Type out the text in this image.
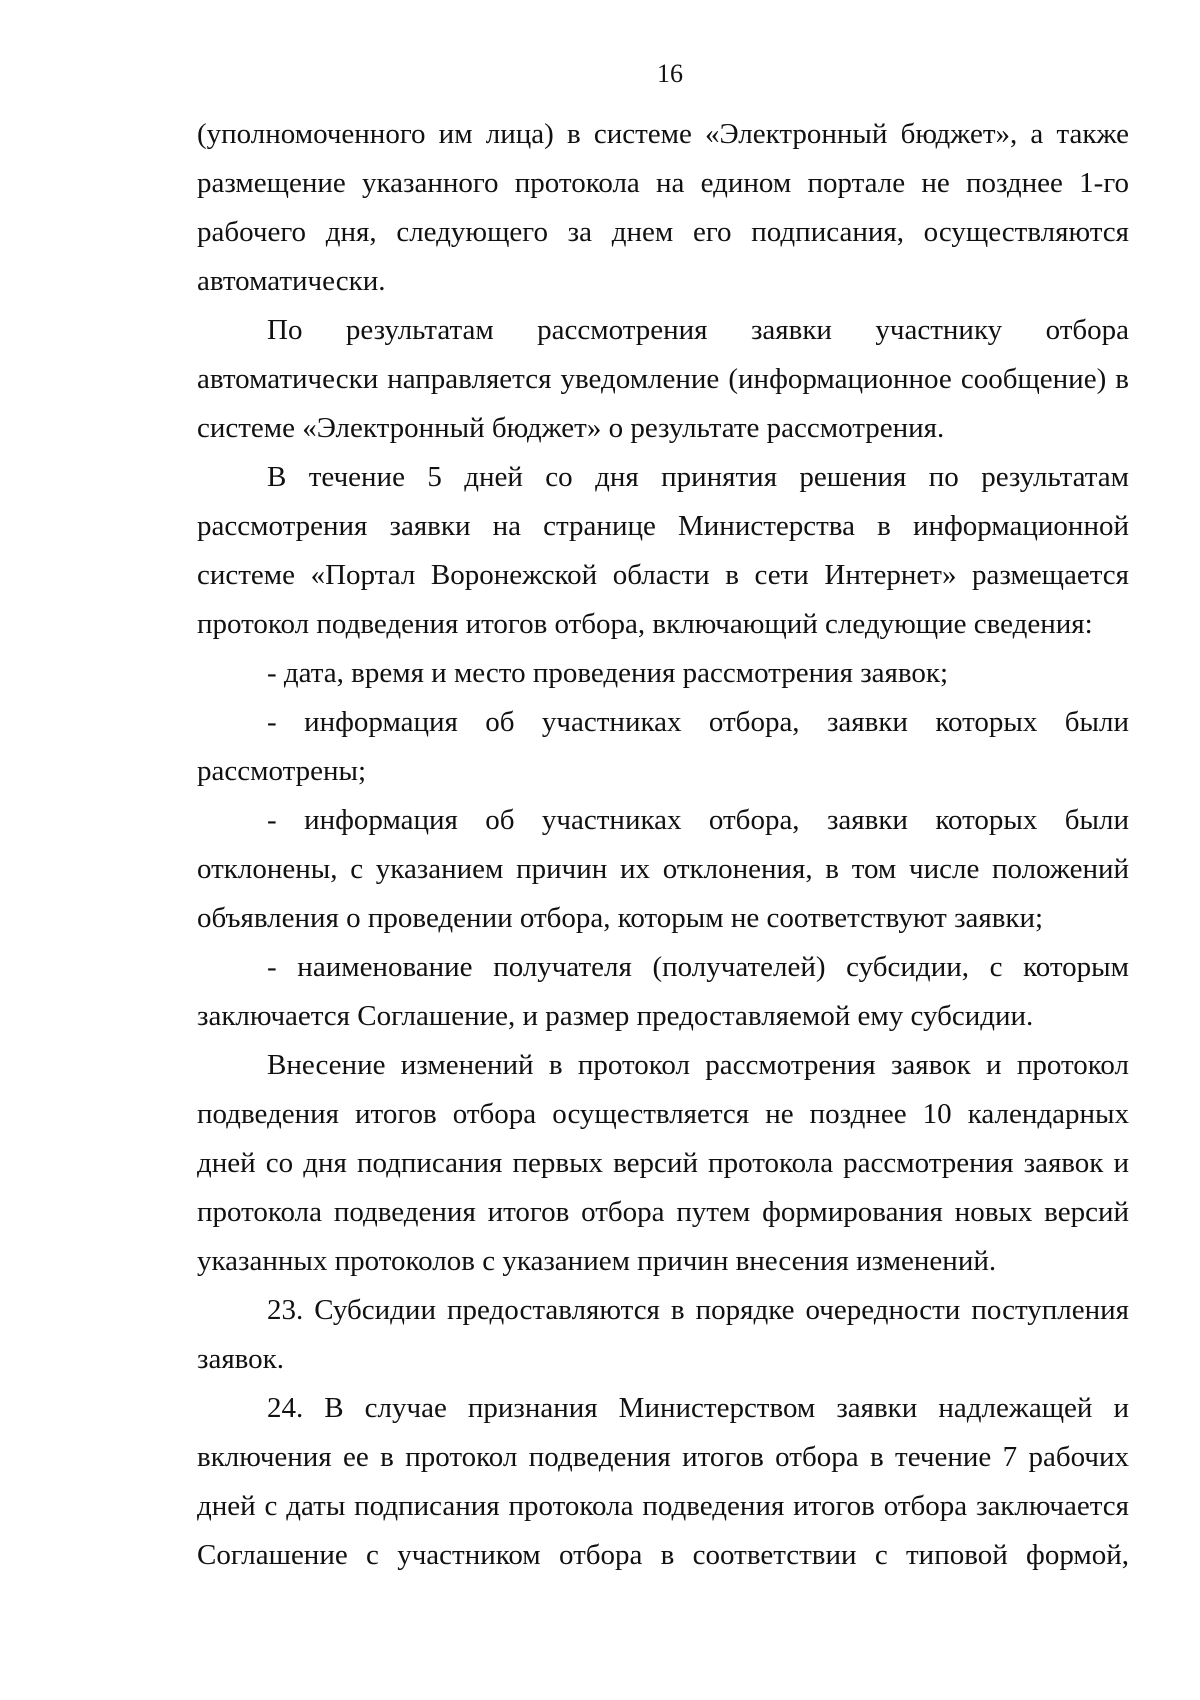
16

(уполномоченного им лица) в системе «Электронный бюджет», а также размещение указанного протокола на едином портале не позднее 1-го рабочего дня, следующего за днем его подписания, осуществляются автоматически.

По результатам рассмотрения заявки участнику отбора автоматически направляется уведомление (информационное сообщение) в системе «Электронный бюджет» о результате рассмотрения.

В течение 5 дней со дня принятия решения по результатам рассмотрения заявки на странице Министерства в информационной системе «Портал Воронежской области в сети Интернет» размещается протокол подведения итогов отбора, включающий следующие сведения:

- дата, время и место проведения рассмотрения заявок;

- информация об участниках отбора, заявки которых были рассмотрены;

- информация об участниках отбора, заявки которых были отклонены, с указанием причин их отклонения, в том числе положений объявления о проведении отбора, которым не соответствуют заявки;

- наименование получателя (получателей) субсидии, с которым заключается Соглашение, и размер предоставляемой ему субсидии.

Внесение изменений в протокол рассмотрения заявок и протокол подведения итогов отбора осуществляется не позднее 10 календарных дней со дня подписания первых версий протокола рассмотрения заявок и протокола подведения итогов отбора путем формирования новых версий указанных протоколов с указанием причин внесения изменений.

23. Субсидии предоставляются в порядке очередности поступления заявок.

24. В случае признания Министерством заявки надлежащей и включения ее в протокол подведения итогов отбора в течение 7 рабочих дней с даты подписания протокола подведения итогов отбора заключается Соглашение с участником отбора в соответствии с типовой формой,
